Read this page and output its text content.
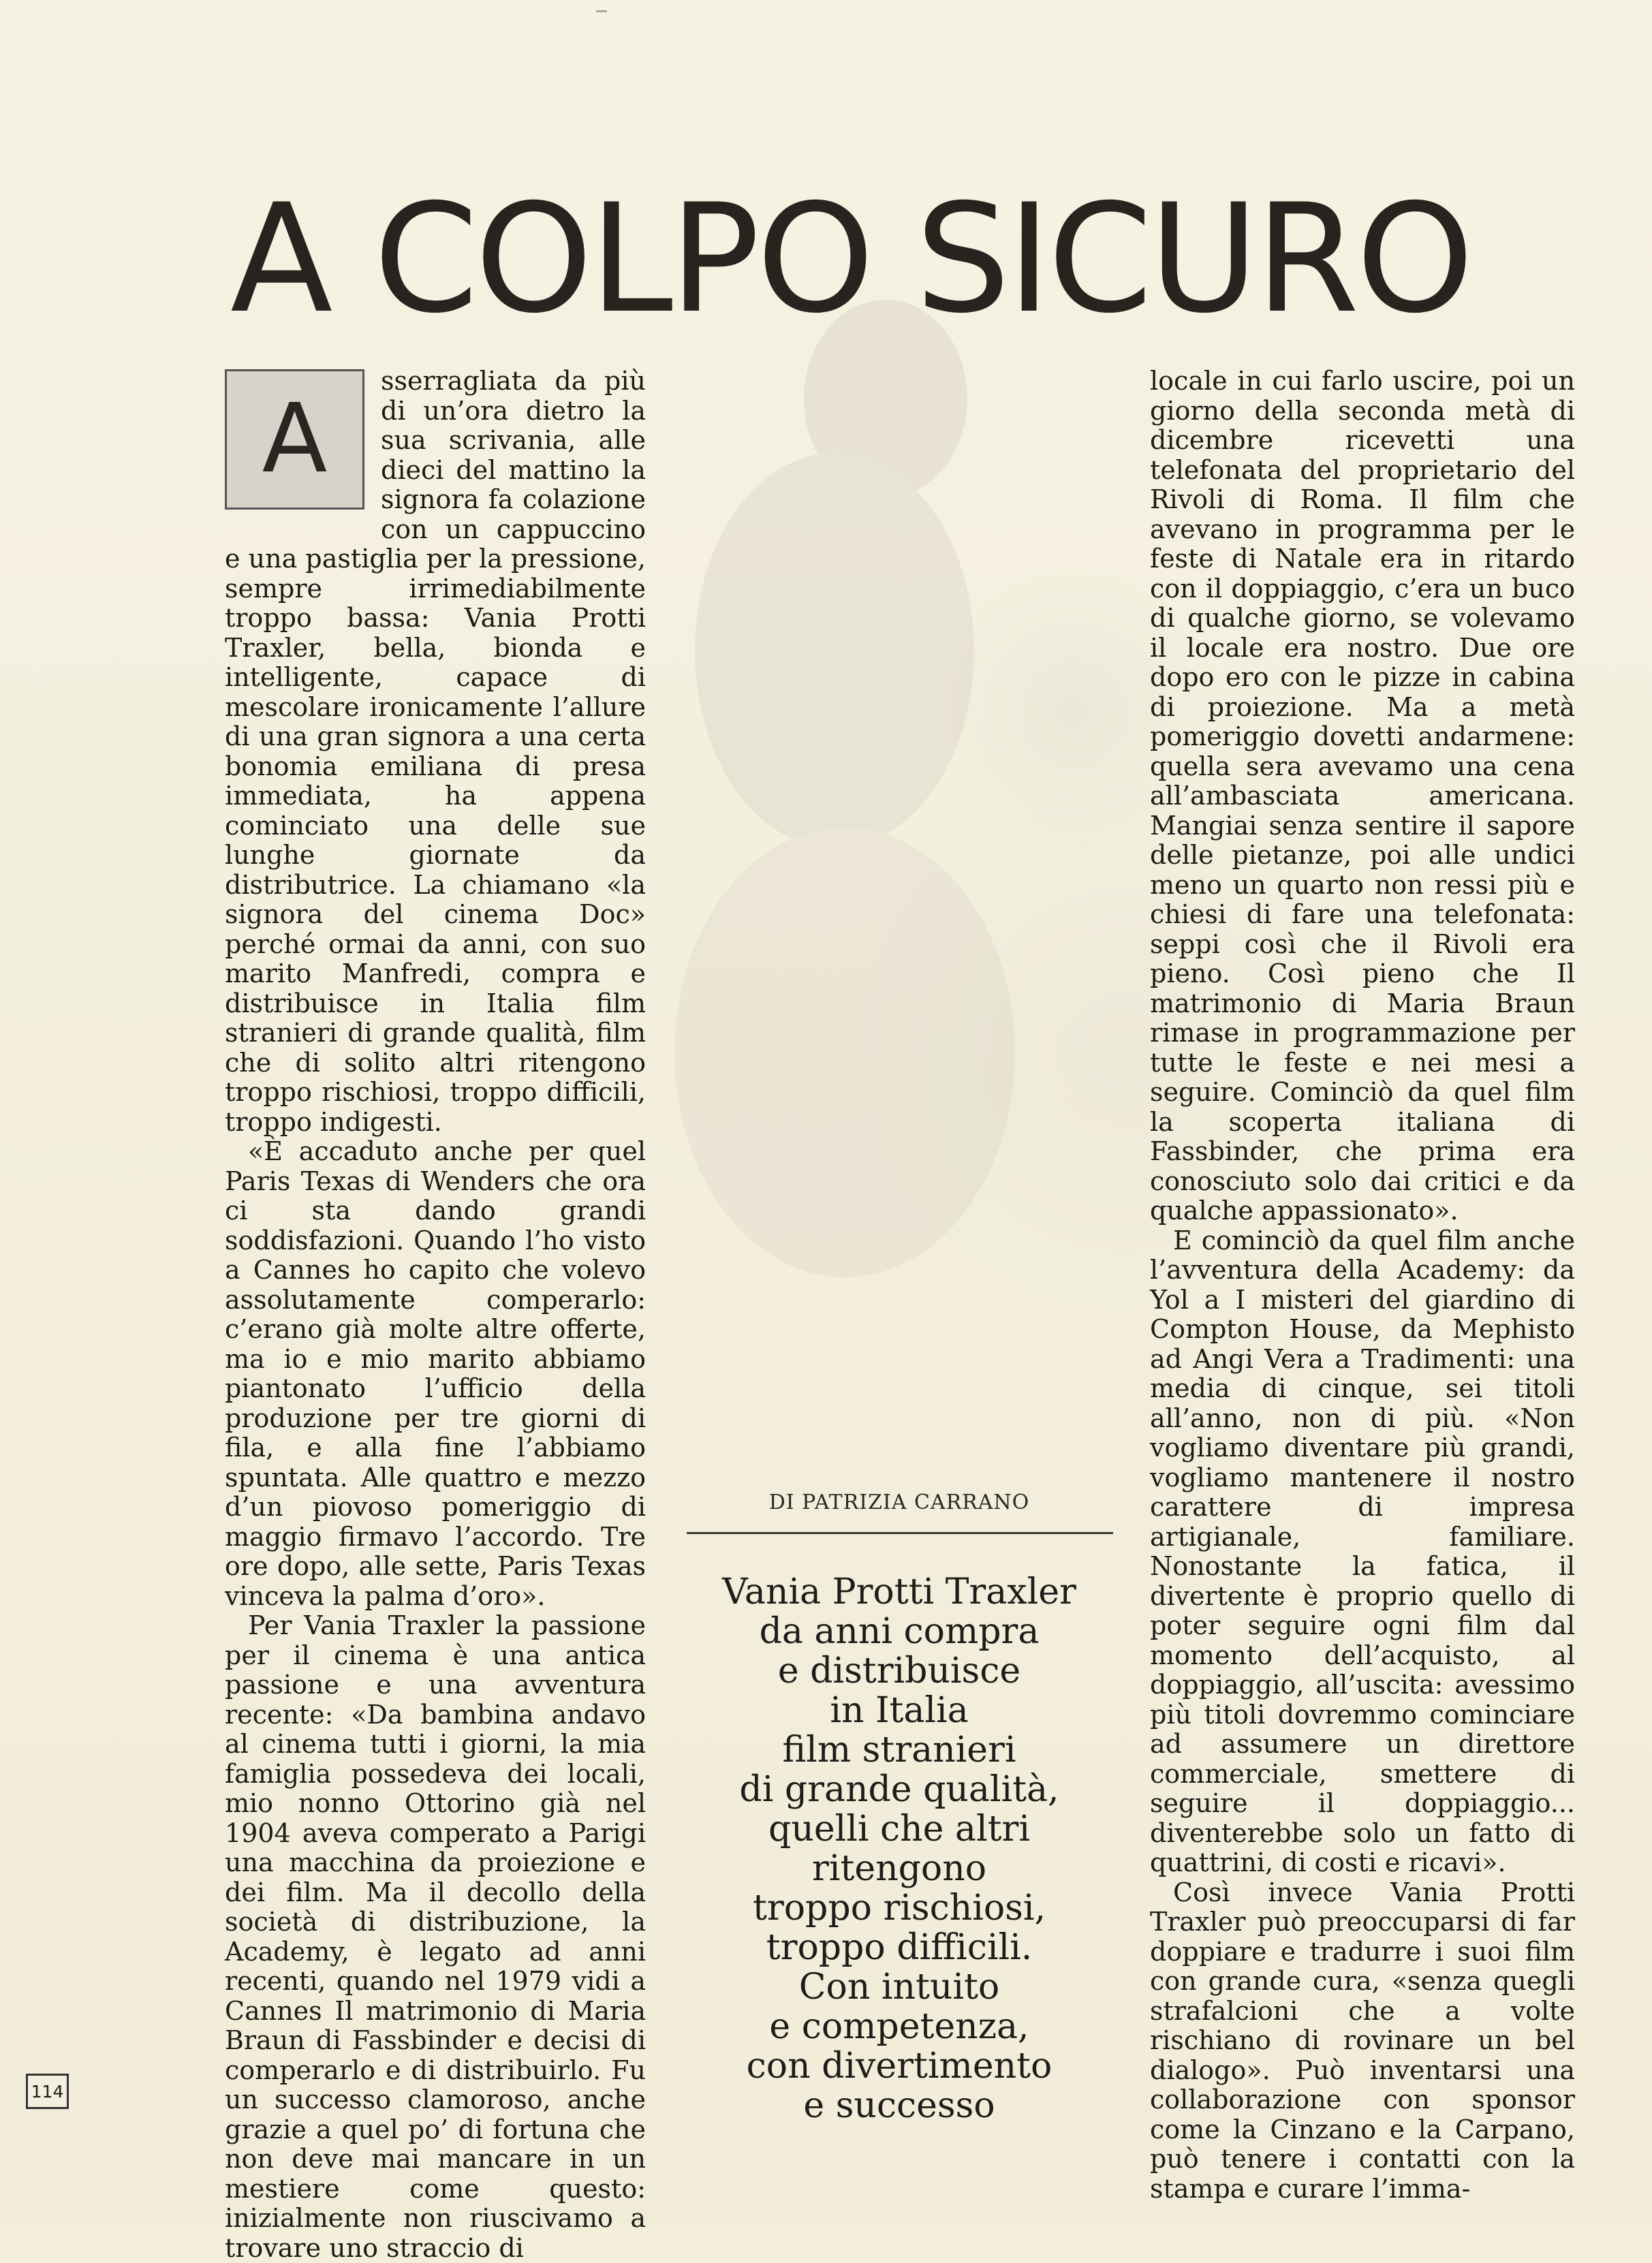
A COLPO SICURO
A

sserragliata da più di un’ora dietro la sua scrivania, alle dieci del mattino la signora fa colazione con un cappuccino e una pastiglia per la pressione, sempre irrimediabilmente troppo bassa: Vania Protti Traxler, bella, bionda e intelligente, capace di mescolare ironicamente l’allure di una gran signora a una certa bonomia emiliana di presa immediata, ha appena cominciato una delle sue lunghe giornate da distributrice. La chiamano «la signora del cinema Doc» perché ormai da anni, con suo marito Manfredi, compra e distribuisce in Italia film stranieri di grande qualità, film che di solito altri ritengono troppo rischiosi, troppo difficili, troppo indigesti.

«È accaduto anche per quel Paris Texas di Wenders che ora ci sta dando grandi soddisfazioni. Quando l’ho visto a Cannes ho capito che volevo assolutamente comperarlo: c’erano già molte altre offerte, ma io e mio marito abbiamo piantonato l’ufficio della produzione per tre giorni di fila, e alla fine l’abbiamo spuntata. Alle quattro e mezzo d’un piovoso pomeriggio di maggio firmavo l’accordo. Tre ore dopo, alle sette, Paris Texas vinceva la palma d’oro».

Per Vania Traxler la passione per il cinema è una antica passione e una avventura recente: «Da bambina andavo al cinema tutti i giorni, la mia famiglia possedeva dei locali, mio nonno Ottorino già nel 1904 aveva comperato a Parigi una macchina da proiezione e dei film. Ma il decollo della società di distribuzione, la Academy, è legato ad anni recenti, quando nel 1979 vidi a Cannes Il matrimonio di Maria Braun di Fassbinder e decisi di comperarlo e di distribuirlo. Fu un successo clamoroso, anche grazie a quel po’ di fortuna che non deve mai mancare in un mestiere come questo: inizialmente non riuscivamo a trovare uno straccio di

DI PATRIZIA CARRANO
Vania Protti Traxler
da anni compra
e distribuisce
in Italia
film stranieri
di grande qualità,
quelli che altri
ritengono
troppo rischiosi,
troppo difficili.
Con intuito
e competenza,
con divertimento
e successo

locale in cui farlo uscire, poi un giorno della seconda metà di dicembre ricevetti una telefonata del proprietario del Rivoli di Roma. Il film che avevano in programma per le feste di Natale era in ritardo con il doppiaggio, c’era un buco di qualche giorno, se volevamo il locale era nostro. Due ore dopo ero con le pizze in cabina di proiezione. Ma a metà pomeriggio dovetti andarmene: quella sera avevamo una cena all’ambasciata americana. Mangiai senza sentire il sapore delle pietanze, poi alle undici meno un quarto non ressi più e chiesi di fare una telefonata: seppi così che il Rivoli era pieno. Così pieno che Il matrimonio di Maria Braun rimase in programmazione per tutte le feste e nei mesi a seguire. Cominciò da quel film la scoperta italiana di Fassbinder, che prima era conosciuto solo dai critici e da qualche appassionato».

E cominciò da quel film anche l’avventura della Academy: da Yol a I misteri del giardino di Compton House, da Mephisto ad Angi Vera a Tradimenti: una media di cinque, sei titoli all’anno, non di più. «Non vogliamo diventare più grandi, vogliamo mantenere il nostro carattere di impresa artigianale, familiare. Nonostante la fatica, il divertente è proprio quello di poter seguire ogni film dal momento dell’acquisto, al doppiaggio, all’uscita: avessimo più titoli dovremmo cominciare ad assumere un direttore commerciale, smettere di seguire il doppiaggio... diventerebbe solo un fatto di quattrini, di costi e ricavi».

Così invece Vania Protti Traxler può preoccuparsi di far doppiare e tradurre i suoi film con grande cura, «senza quegli strafalcioni che a volte rischiano di rovinare un bel dialogo». Può inventarsi una collaborazione con sponsor come la Cinzano e la Carpano, può tenere i contatti con la stampa e curare l’imma-

114
